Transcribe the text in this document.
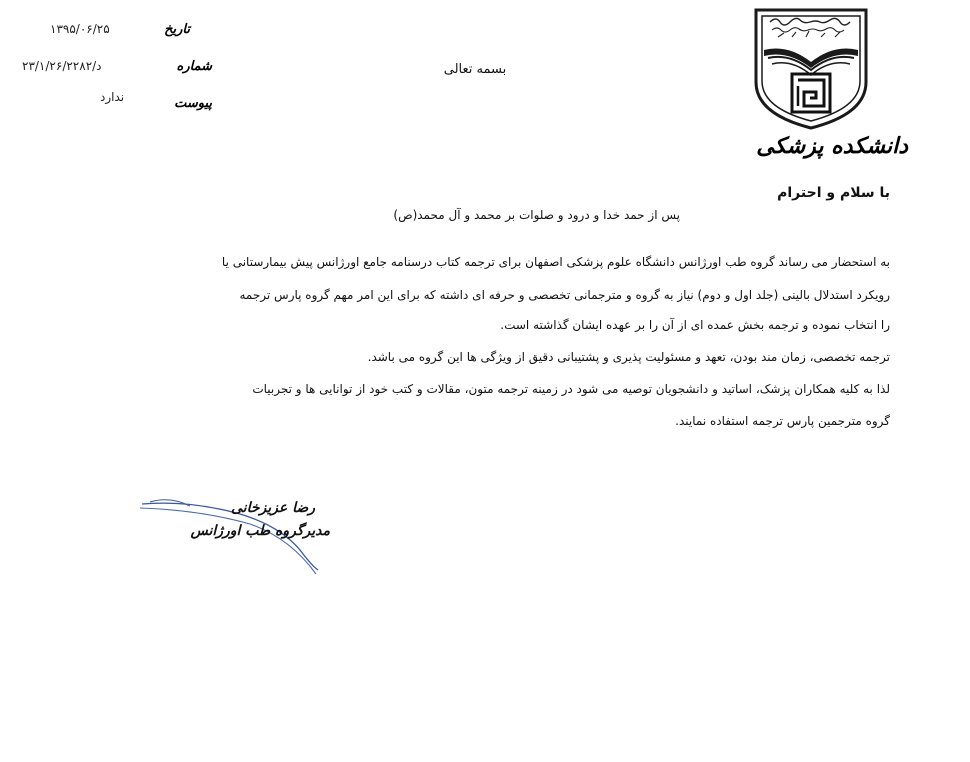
تاریخ
۱۳۹۵/۰۶/۲۵
شماره
د/۲۳/۱/۲۶/۲۲۸۲
پیوست
ندارد
بسمه تعالی
دانشکده پزشکی
با سلام و احترام
پس از حمد خدا و درود و صلوات بر محمد و آل محمد(ص)
به استحضار می رساند گروه طب اورژانس دانشگاه علوم پزشکی اصفهان برای ترجمه کتاب درسنامه جامع اورژانس پیش بیمارستانی یا
رویکرد استدلال بالینی (جلد اول و دوم) نیاز به گروه و مترجمانی تخصصی و حرفه ای داشته که برای این امر مهم گروه پارس ترجمه
را انتخاب نموده و ترجمه بخش عمده ای از آن را بر عهده ایشان گذاشته است.
ترجمه تخصصی، زمان مند بودن، تعهد و مسئولیت پذیری و پشتیبانی دقیق از ویژگی ها این گروه می باشد.
لذا به کلیه همکاران پزشک، اساتید و دانشجویان توصیه می شود در زمینه ترجمه متون، مقالات و کتب خود از توانایی ها و تجربیات
گروه مترجمین پارس ترجمه استفاده نمایند.
رضا عزیزخانی
مدیرگروه طب اورژانس
